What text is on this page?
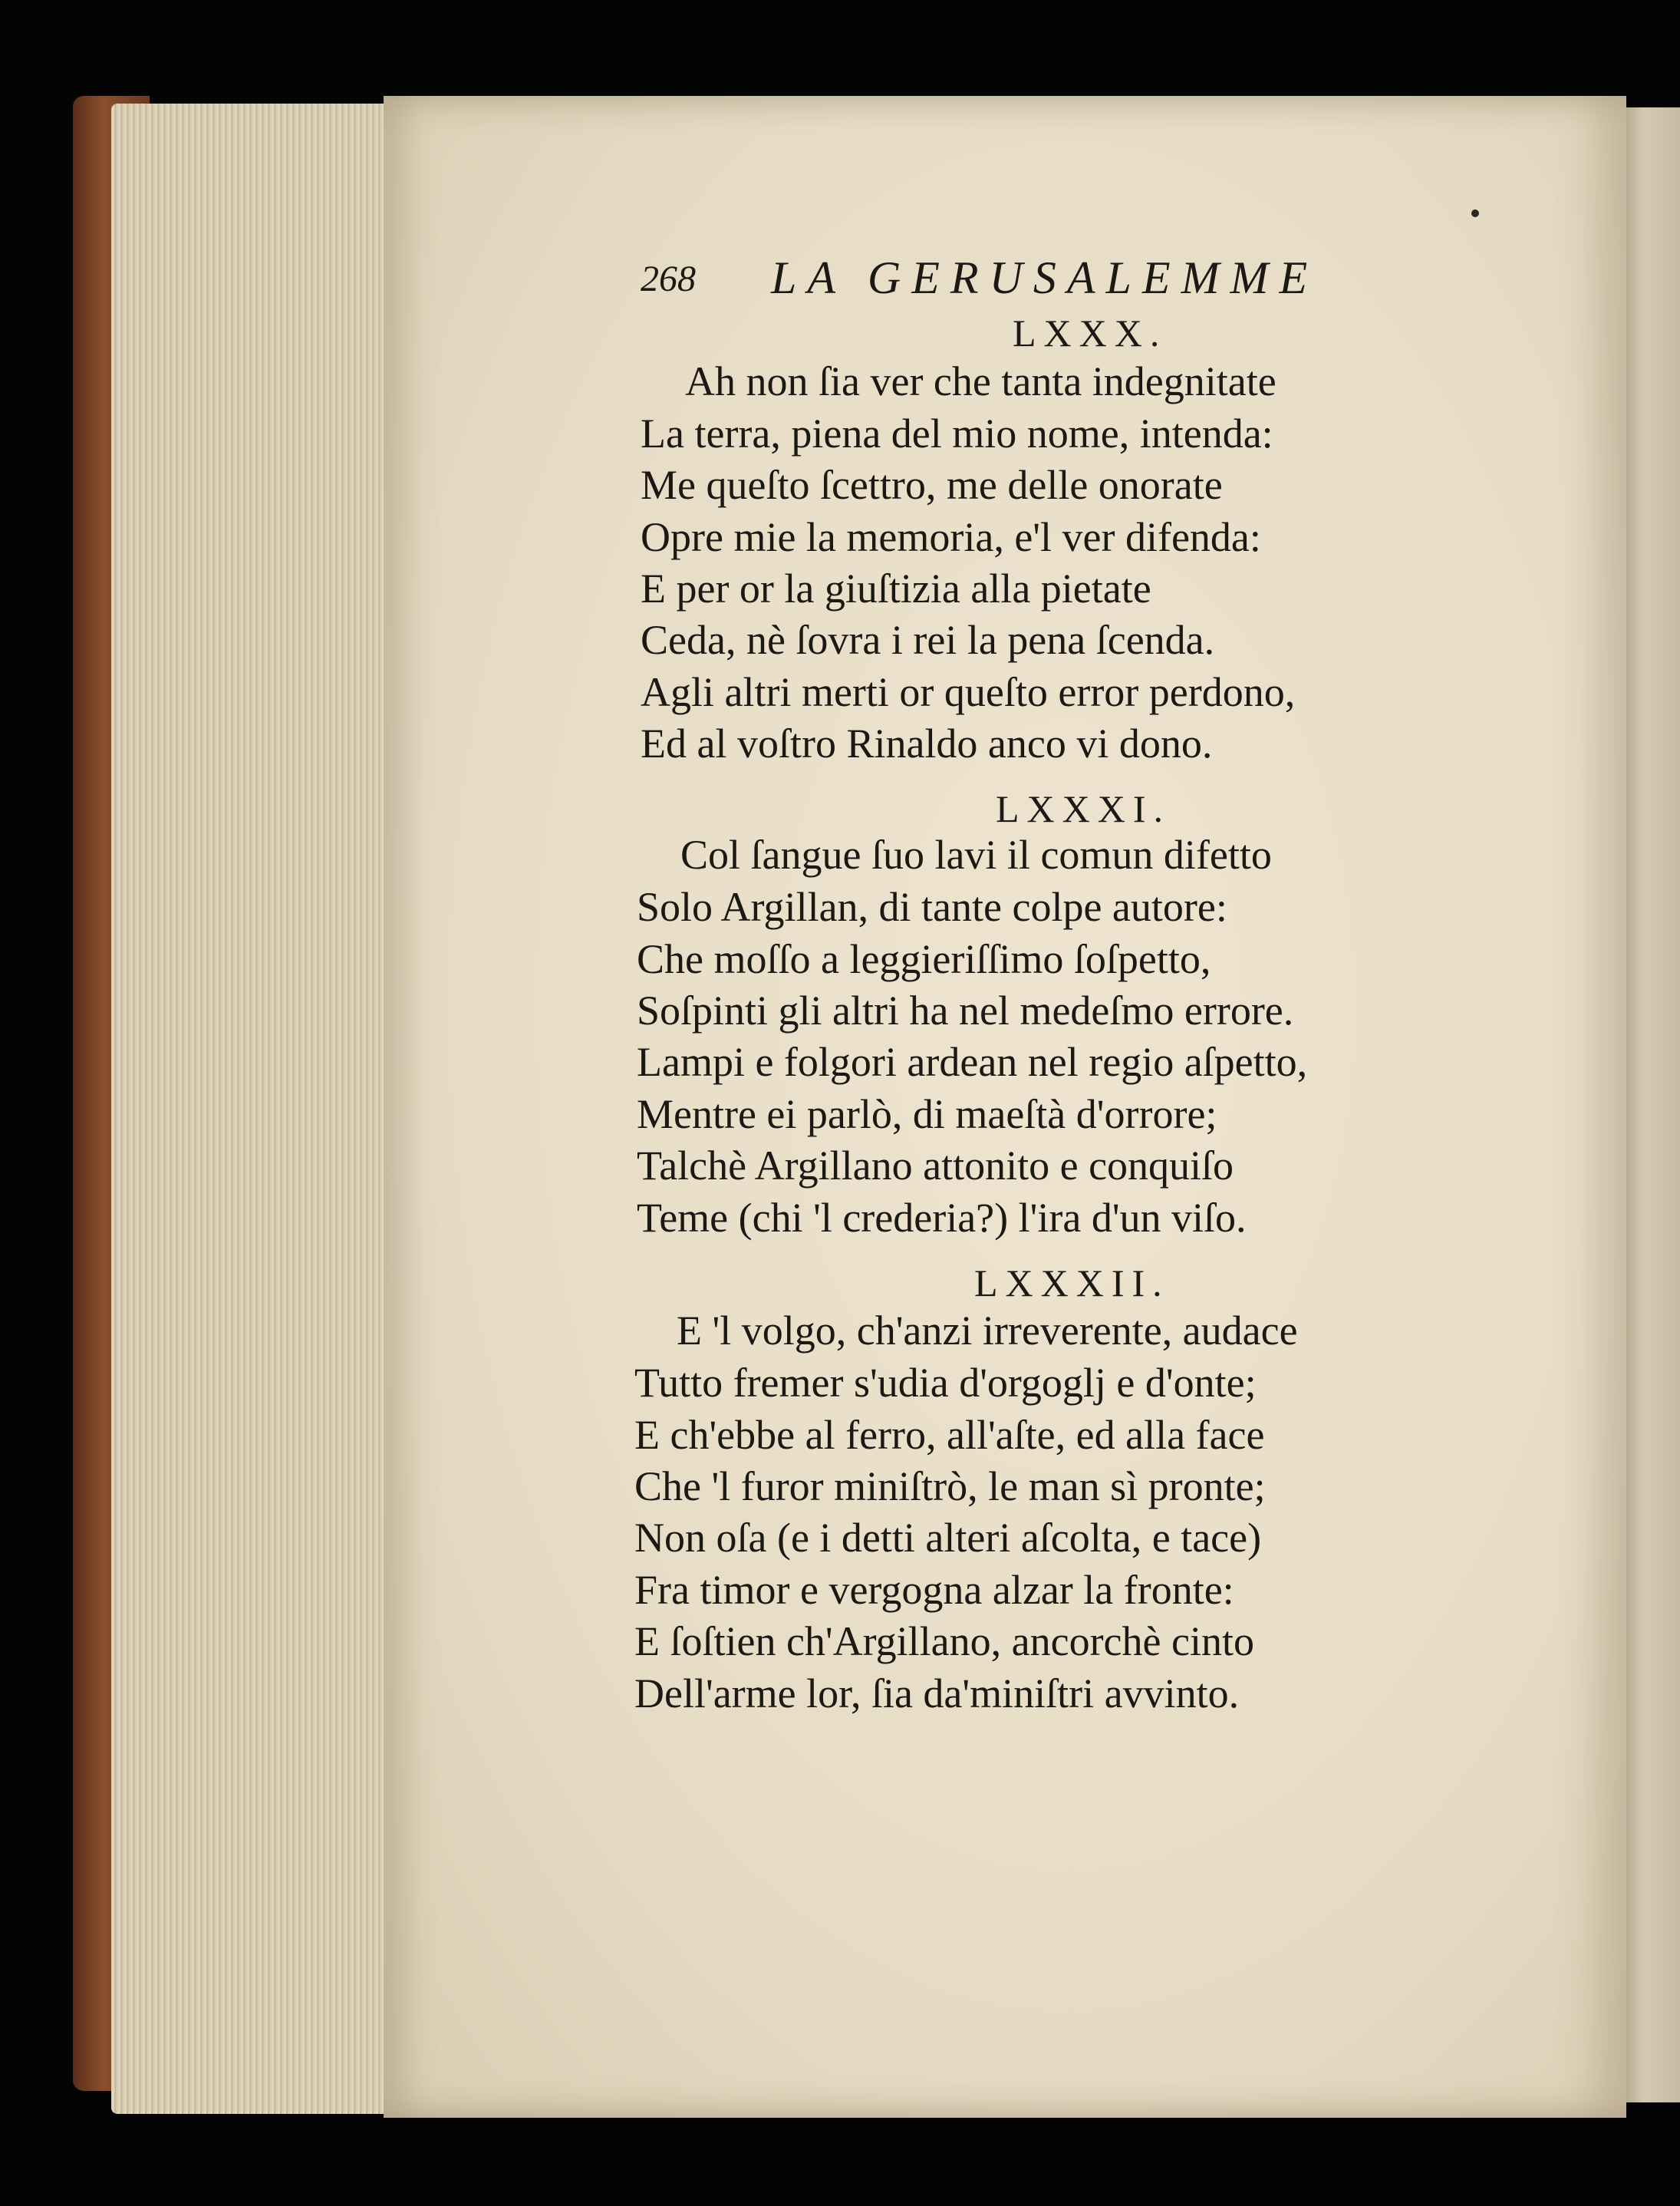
268 LA GERUSALEMME
LXXX.
Ah non ſia ver che tanta indegnitate
La terra, piena del mio nome, intenda:
Me queſto ſcettro, me delle onorate
Opre mie la memoria, e'l ver difenda:
E per or la giuſtizia alla pietate
Ceda, nè ſovra i rei la pena ſcenda.
Agli altri merti or queſto error perdono,
Ed al voſtro Rinaldo anco vi dono.
LXXXI.
Col ſangue ſuo lavi il comun difetto
Solo Argillan, di tante colpe autore:
Che moſſo a leggieriſſimo ſoſpetto,
Soſpinti gli altri ha nel medeſmo errore.
Lampi e folgori ardean nel regio aſpetto,
Mentre ei parlò, di maeſtà d'orrore;
Talchè Argillano attonito e conquiſo
Teme (chi 'l crederia?) l'ira d'un viſo.
LXXXII.
E 'l volgo, ch'anzi irreverente, audace
Tutto fremer s'udia d'orgoglj e d'onte;
E ch'ebbe al ferro, all'aſte, ed alla face
Che 'l furor miniſtrò, le man sì pronte;
Non oſa (e i detti alteri aſcolta, e tace)
Fra timor e vergogna alzar la fronte:
E ſoſtien ch'Argillano, ancorchè cinto
Dell'arme lor, ſia da'miniſtri avvinto.
